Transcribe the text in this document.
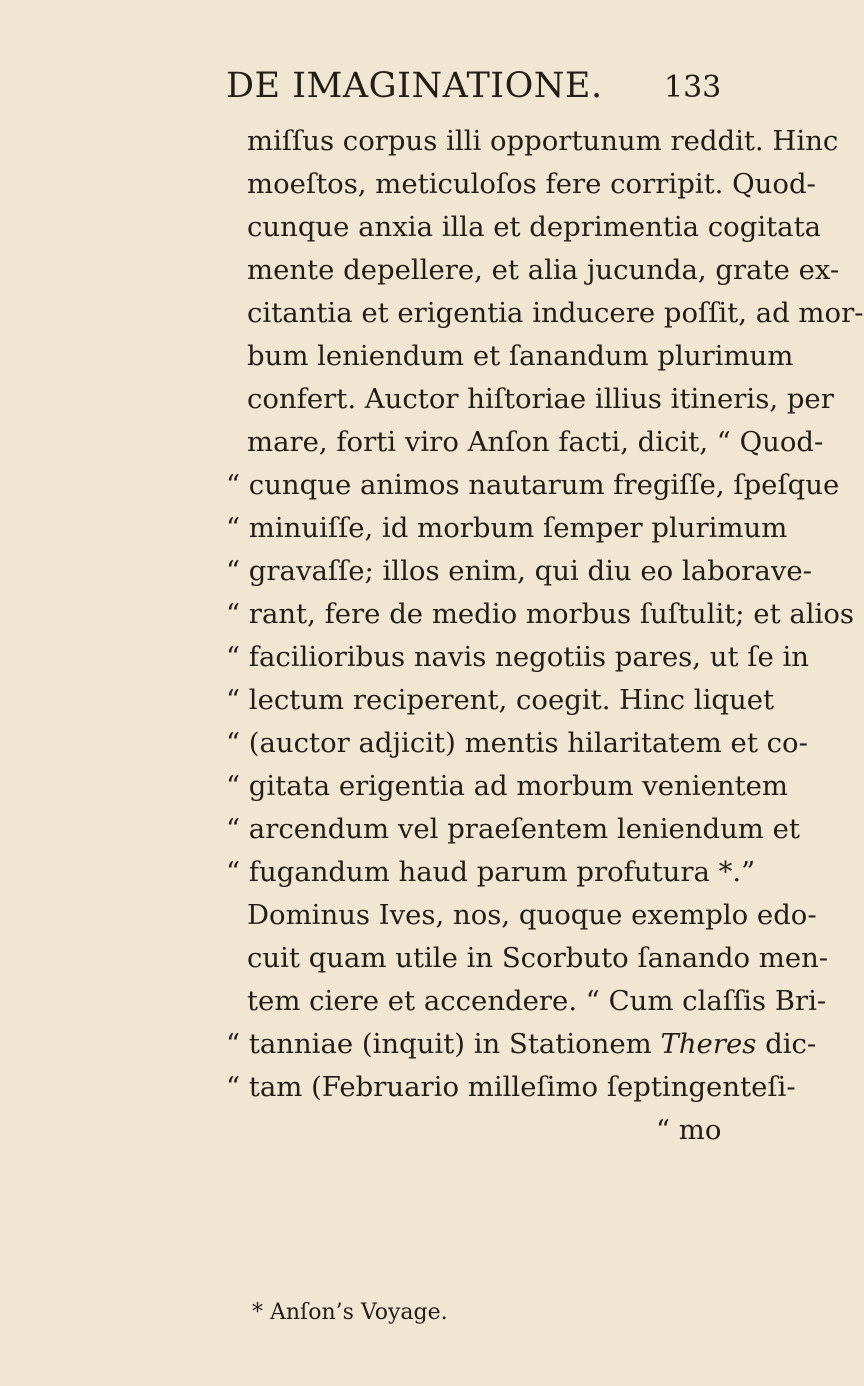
DE IMAGINATIONE. 133
miſſus corpus illi opportunum reddit. Hinc
moeſtos, meticuloſos fere corripit. Quod-
cunque anxia illa et deprimentia cogitata
mente depellere, et alia jucunda, grate ex-
citantia et erigentia inducere poſſit, ad mor-
bum leniendum et ſanandum plurimum
confert. Auctor hiſtoriae illius itineris, per
mare, forti viro Anſon facti, dicit, “ Quod-
“ cunque animos nautarum fregiſſe, ſpeſque
“ minuiſſe, id morbum ſemper plurimum
“ gravaſſe; illos enim, qui diu eo laborave-
“ rant, fere de medio morbus ſuſtulit; et alios
“ facilioribus navis negotiis pares, ut ſe in
“ lectum reciperent, coegit. Hinc liquet
“ (auctor adjicit) mentis hilaritatem et co-
“ gitata erigentia ad morbum venientem
“ arcendum vel praeſentem leniendum et
“ fugandum haud parum profutura *.”
Dominus Ives, nos, quoque exemplo edo-
cuit quam utile in Scorbuto ſanando men-
tem ciere et accendere. “ Cum claſſis Bri-
“ tanniae (inquit) in Stationem Theres dic-
“ tam (Februario milleſimo ſeptingenteſi-
“ mo
* Anſon’s Voyage.
